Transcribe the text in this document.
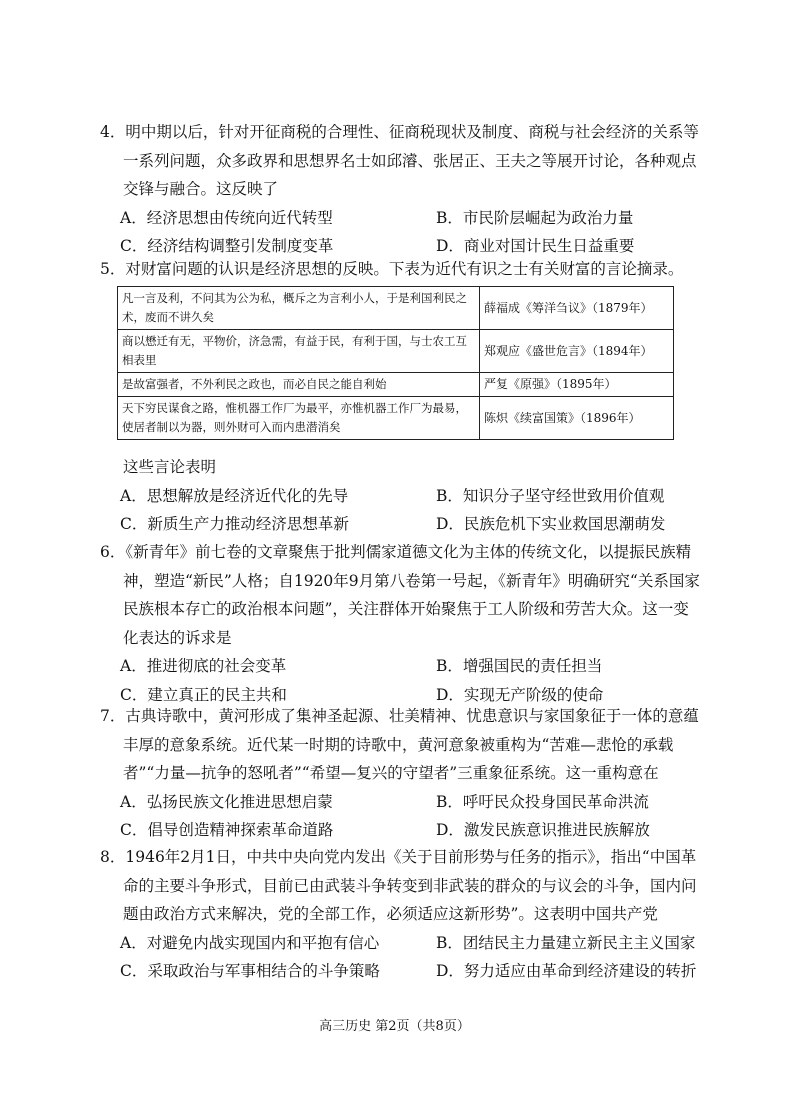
4．明中期以后，针对开征商税的合理性、征商税现状及制度、商税与社会经济的关系等一系列问题，众多政界和思想界名士如邱濬、张居正、王夫之等展开讨论，各种观点交锋与融合。这反映了

A．经济思想由传统向近代转型	B．市民阶层崛起为政治力量
C．经济结构调整引发制度变革	D．商业对国计民生日益重要

5．对财富问题的认识是经济思想的反映。下表为近代有识之士有关财富的言论摘录。

凡一言及利，不问其为公为私，概斥之为言利小人，于是利国利民之术，废而不讲久矣	薛福成《筹洋刍议》（1879年）
商以懋迁有无，平物价，济急需，有益于民，有利于国，与士农工互相表里	郑观应《盛世危言》（1894年）
是故富强者，不外利民之政也，而必自民之能自利始	严复《原强》（1895年）
天下穷民谋食之路，惟机器工作厂为最平，亦惟机器工作厂为最易，使居者制以为器，则外财可入而内患潜消矣	陈炽《续富国策》（1896年）

这些言论表明

A．思想解放是经济近代化的先导	B．知识分子坚守经世致用价值观
C．新质生产力推动经济思想革新	D．民族危机下实业救国思潮萌发

6．《新青年》前七卷的文章聚焦于批判儒家道德文化为主体的传统文化，以提振民族精神，塑造“新民”人格；自1920年9月第八卷第一号起，《新青年》明确研究“关系国家民族根本存亡的政治根本问题”，关注群体开始聚焦于工人阶级和劳苦大众。这一变化表达的诉求是

A．推进彻底的社会变革	B．增强国民的责任担当
C．建立真正的民主共和	D．实现无产阶级的使命

7．古典诗歌中，黄河形成了集神圣起源、壮美精神、忧患意识与家国象征于一体的意蕴丰厚的意象系统。近代某一时期的诗歌中，黄河意象被重构为“苦难—悲怆的承载者”“力量—抗争的怒吼者”“希望—复兴的守望者”三重象征系统。这一重构意在

A．弘扬民族文化推进思想启蒙	B．呼吁民众投身国民革命洪流
C．倡导创造精神探索革命道路	D．激发民族意识推进民族解放

8．1946年2月1日，中共中央向党内发出《关于目前形势与任务的指示》，指出“中国革命的主要斗争形式，目前已由武装斗争转变到非武装的群众的与议会的斗争，国内问题由政治方式来解决，党的全部工作，必须适应这新形势”。这表明中国共产党

A．对避免内战实现国内和平抱有信心	B．团结民主力量建立新民主主义国家
C．采取政治与军事相结合的斗争策略	D．努力适应由革命到经济建设的转折
高三历史 第2页（共8页）
